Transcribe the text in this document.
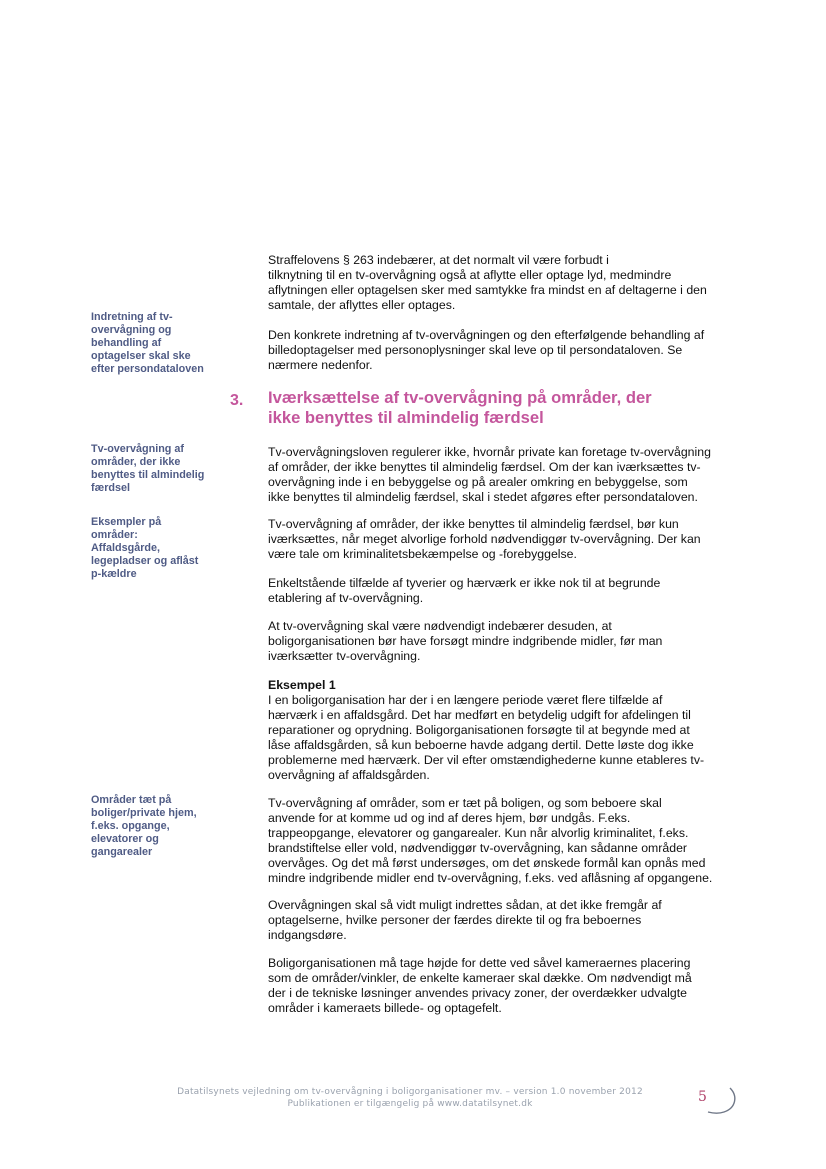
Straffelovens § 263 indebærer, at det normalt vil være forbudt i
tilknytning til en tv-overvågning også at aflytte eller optage lyd, medmindre
aflytningen eller optagelsen sker med samtykke fra mindst en af deltagerne i den
samtale, der aflyttes eller optages.
Den konkrete indretning af tv-overvågningen og den efterfølgende behandling af
billedoptagelser med personoplysninger skal leve op til persondataloven. Se
nærmere nedenfor.
3. Iværksættelse af tv-overvågning på områder, der
ikke benyttes til almindelig færdsel
Tv-overvågningsloven regulerer ikke, hvornår private kan foretage tv-overvågning
af områder, der ikke benyttes til almindelig færdsel. Om der kan iværksættes tv-
overvågning inde i en bebyggelse og på arealer omkring en bebyggelse, som
ikke benyttes til almindelig færdsel, skal i stedet afgøres efter persondataloven.
Tv-overvågning af områder, der ikke benyttes til almindelig færdsel, bør kun
iværksættes, når meget alvorlige forhold nødvendiggør tv-overvågning. Der kan
være tale om kriminalitetsbekæmpelse og -forebyggelse.
Enkeltstående tilfælde af tyverier og hærværk er ikke nok til at begrunde
etablering af tv-overvågning.
At tv-overvågning skal være nødvendigt indebærer desuden, at
boligorganisationen bør have forsøgt mindre indgribende midler, før man
iværksætter tv-overvågning.
Eksempel 1
I en boligorganisation har der i en længere periode været flere tilfælde af
hærværk i en affaldsgård. Det har medført en betydelig udgift for afdelingen til
reparationer og oprydning. Boligorganisationen forsøgte til at begynde med at
låse affaldsgården, så kun beboerne havde adgang dertil. Dette løste dog ikke
problemerne med hærværk. Der vil efter omstændighederne kunne etableres tv-
overvågning af affaldsgården.
Tv-overvågning af områder, som er tæt på boligen, og som beboere skal
anvende for at komme ud og ind af deres hjem, bør undgås. F.eks.
trappeopgange, elevatorer og gangarealer. Kun når alvorlig kriminalitet, f.eks.
brandstiftelse eller vold, nødvendiggør tv-overvågning, kan sådanne områder
overvåges. Og det må først undersøges, om det ønskede formål kan opnås med
mindre indgribende midler end tv-overvågning, f.eks. ved aflåsning af opgangene.
Overvågningen skal så vidt muligt indrettes sådan, at det ikke fremgår af
optagelserne, hvilke personer der færdes direkte til og fra beboernes
indgangsdøre.
Boligorganisationen må tage højde for dette ved såvel kameraernes placering
som de områder/vinkler, de enkelte kameraer skal dække. Om nødvendigt må
der i de tekniske løsninger anvendes privacy zoner, der overdækker udvalgte
områder i kameraets billede- og optagefelt.
Indretning af tv-
overvågning og
behandling af
optagelser skal ske
efter persondataloven
Tv-overvågning af
områder, der ikke
benyttes til almindelig
færdsel
Eksempler på
områder:
Affaldsgårde,
legepladser og aflåst
p-kældre
Områder tæt på
boliger/private hjem,
f.eks. opgange,
elevatorer og
gangarealer
Datatilsynets vejledning om tv-overvågning i boligorganisationer mv. – version 1.0 november 2012
Publikationen er tilgængelig på www.datatilsynet.dk	5
